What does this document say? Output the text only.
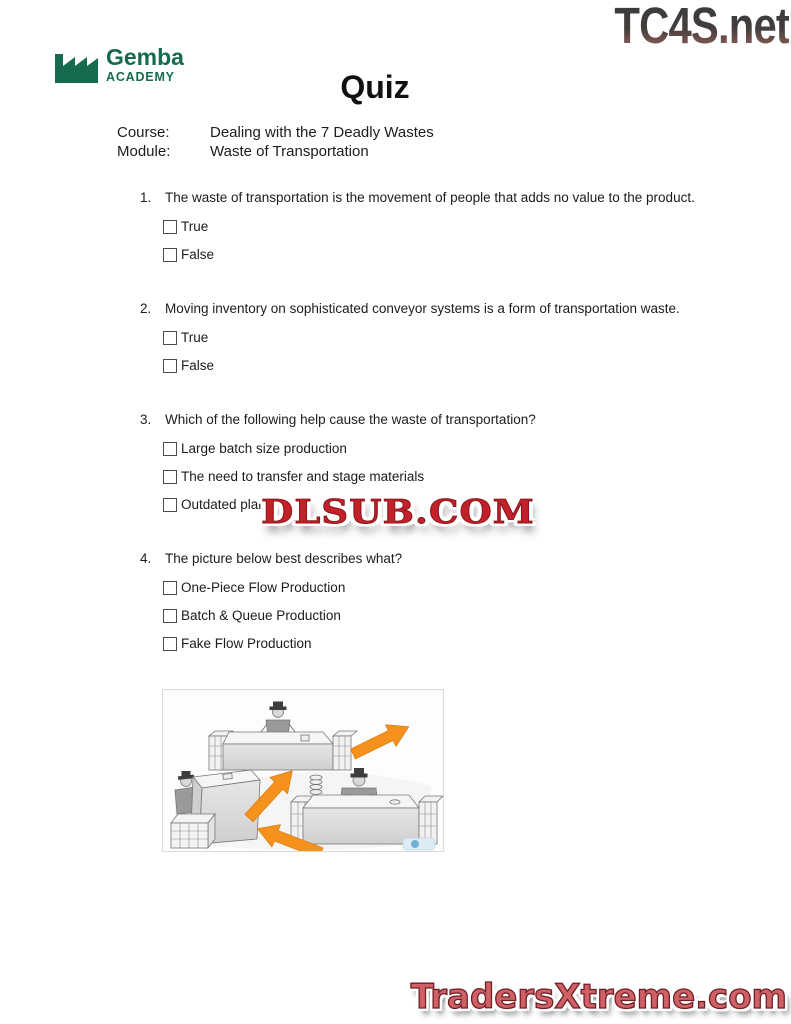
TC4S.net
Gemba
ACADEMY	Quiz
Course:	Dealing with the 7 Deadly Wastes
Module:	Waste of Transportation
1.	The waste of transportation is the movement of people that adds no value to the product.
True
False
2.	Moving inventory on sophisticated conveyor systems is a form of transportation waste.
True
False
3.	Which of the following help cause the waste of transportation?
Large batch size production
The need to transfer and stage materials
Outdated plan
DLSUB.COM
4.	The picture below best describes what?
One-Piece Flow Production
Batch & Queue Production
Fake Flow Production
TradersXtreme.com
